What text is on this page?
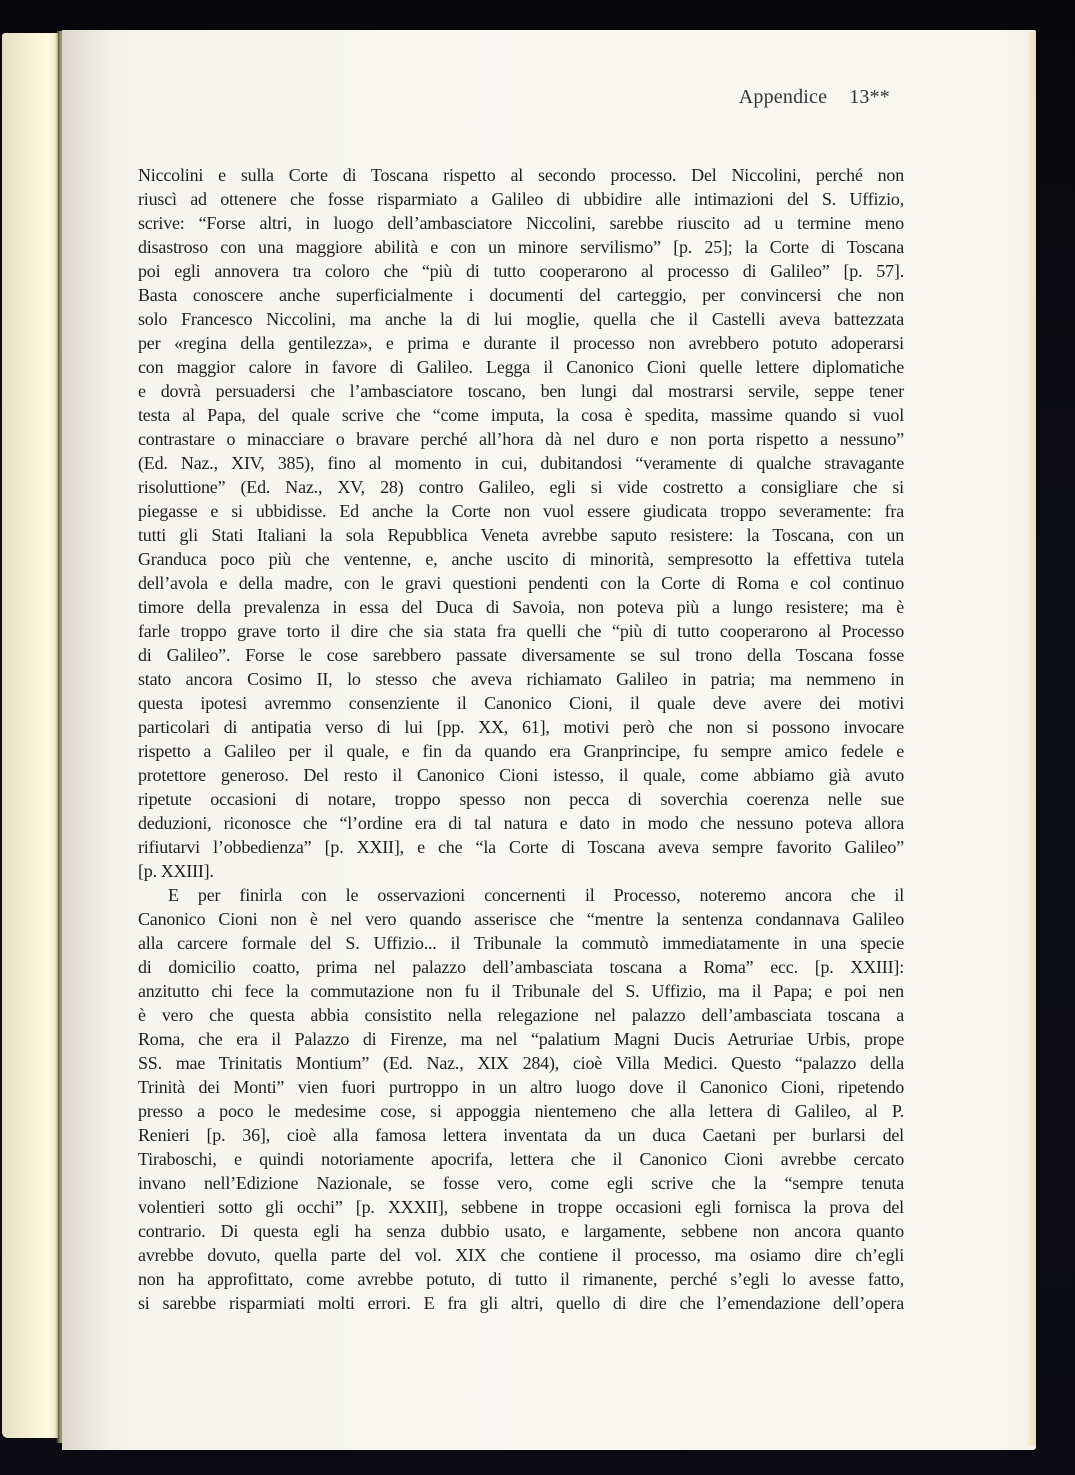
Appendice 13**
Niccolini e sulla Corte di Toscana rispetto al secondo processo. Del Niccolini, perché non
riuscì ad ottenere che fosse risparmiato a Galileo di ubbidire alle intimazioni del S. Uffizio,
scrive: “Forse altri, in luogo dell’ambasciatore Niccolini, sarebbe riuscito ad u termine meno
disastroso con una maggiore abilità e con un minore servilismo” [p. 25]; la Corte di Toscana
poi egli annovera tra coloro che “più di tutto cooperarono al processo di Galileo” [p. 57].
Basta conoscere anche superficialmente i documenti del carteggio, per convincersi che non
solo Francesco Niccolini, ma anche la di lui moglie, quella che il Castelli aveva battezzata
per «regina della gentilezza», e prima e durante il processo non avrebbero potuto adoperarsi
con maggior calore in favore di Galileo. Legga il Canonico Cioni quelle lettere diplomatiche
e dovrà persuadersi che l’ambasciatore toscano, ben lungi dal mostrarsi servile, seppe tener
testa al Papa, del quale scrive che “come imputa, la cosa è spedita, massime quando si vuol
contrastare o minacciare o bravare perché all’hora dà nel duro e non porta rispetto a nessuno”
(Ed. Naz., XIV, 385), fino al momento in cui, dubitandosi “veramente di qualche stravagante
risoluttione” (Ed. Naz., XV, 28) contro Galileo, egli si vide costretto a consigliare che si
piegasse e si ubbidisse. Ed anche la Corte non vuol essere giudicata troppo severamente: fra
tutti gli Stati Italiani la sola Repubblica Veneta avrebbe saputo resistere: la Toscana, con un
Granduca poco più che ventenne, e, anche uscito di minorità, sempresotto la effettiva tutela
dell’avola e della madre, con le gravi questioni pendenti con la Corte di Roma e col continuo
timore della prevalenza in essa del Duca di Savoia, non poteva più a lungo resistere; ma è
farle troppo grave torto il dire che sia stata fra quelli che “più di tutto cooperarono al Processo
di Galileo”. Forse le cose sarebbero passate diversamente se sul trono della Toscana fosse
stato ancora Cosimo II, lo stesso che aveva richiamato Galileo in patria; ma nemmeno in
questa ipotesi avremmo consenziente il Canonico Cioni, il quale deve avere dei motivi
particolari di antipatia verso di lui [pp. XX, 61], motivi però che non si possono invocare
rispetto a Galileo per il quale, e fin da quando era Granprincipe, fu sempre amico fedele e
protettore generoso. Del resto il Canonico Cioni istesso, il quale, come abbiamo già avuto
ripetute occasioni di notare, troppo spesso non pecca di soverchia coerenza nelle sue
deduzioni, riconosce che “l’ordine era di tal natura e dato in modo che nessuno poteva allora
rifiutarvi l’obbedienza” [p. XXII], e che “la Corte di Toscana aveva sempre favorito Galileo”
[p. XXIII].
E per finirla con le osservazioni concernenti il Processo, noteremo ancora che il
Canonico Cioni non è nel vero quando asserisce che “mentre la sentenza condannava Galileo
alla carcere formale del S. Uffizio... il Tribunale la commutò immediatamente in una specie
di domicilio coatto, prima nel palazzo dell’ambasciata toscana a Roma” ecc. [p. XXIII]:
anzitutto chi fece la commutazione non fu il Tribunale del S. Uffizio, ma il Papa; e poi nen
è vero che questa abbia consistito nella relegazione nel palazzo dell’ambasciata toscana a
Roma, che era il Palazzo di Firenze, ma nel “palatium Magni Ducis Aetruriae Urbis, prope
SS. mae Trinitatis Montium” (Ed. Naz., XIX 284), cioè Villa Medici. Questo “palazzo della
Trinità dei Monti” vien fuori purtroppo in un altro luogo dove il Canonico Cioni, ripetendo
presso a poco le medesime cose, si appoggia nientemeno che alla lettera di Galileo, al P.
Renieri [p. 36], cioè alla famosa lettera inventata da un duca Caetani per burlarsi del
Tiraboschi, e quindi notoriamente apocrifa, lettera che il Canonico Cioni avrebbe cercato
invano nell’Edizione Nazionale, se fosse vero, come egli scrive che la “sempre tenuta
volentieri sotto gli occhi” [p. XXXII], sebbene in troppe occasioni egli fornisca la prova del
contrario. Di questa egli ha senza dubbio usato, e largamente, sebbene non ancora quanto
avrebbe dovuto, quella parte del vol. XIX che contiene il processo, ma osiamo dire ch’egli
non ha approfittato, come avrebbe potuto, di tutto il rimanente, perché s’egli lo avesse fatto,
si sarebbe risparmiati molti errori. E fra gli altri, quello di dire che l’emendazione dell’opera
